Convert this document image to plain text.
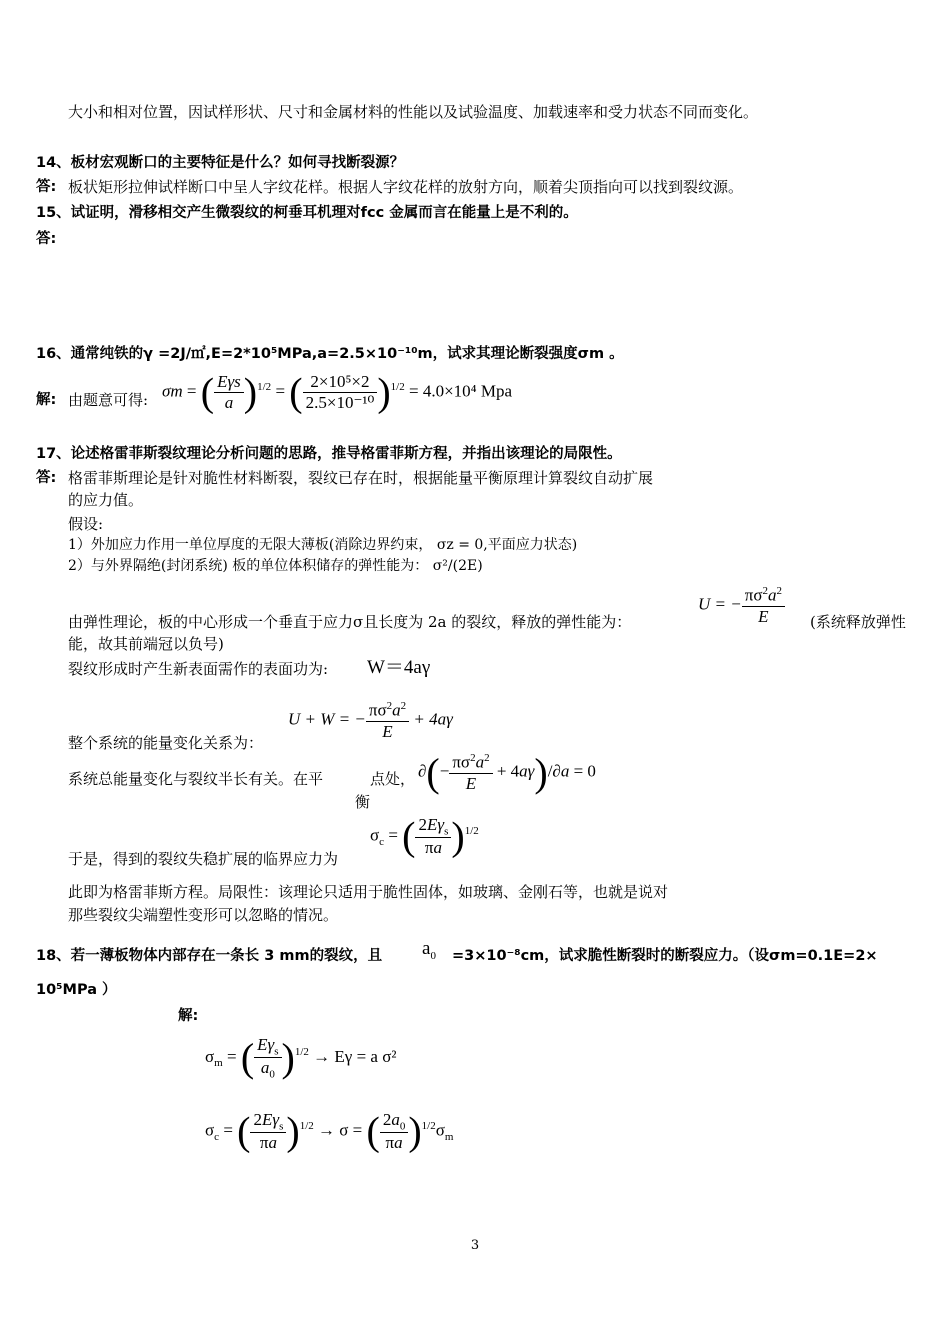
大小和相对位置，因试样形状、尺寸和金属材料的性能以及试验温度、加载速率和受力状态不同而变化。
14、板材宏观断口的主要特征是什么？如何寻找断裂源？
答: 板状矩形拉伸试样断口中呈人字纹花样。根据人字纹花样的放射方向，顺着尖顶指向可以找到裂纹源。
15、试证明，滑移相交产生微裂纹的柯垂耳机理对fcc 金属而言在能量上是不利的。
答:
16、通常纯铁的γ =2J/㎡,E=2*10⁵MPa,a=2.5×10⁻¹⁰m，试求其理论断裂强度σm 。
解: 由题意可得: σm = ( $\frac{\text{Eγs}}{a} )^{1/2}$ = ( $\frac{\text{2×10⁵×2}}{\text{2.5×10⁻¹⁰}} )^{1/2} = 4.0\times 10^4$ Mpa
17、论述格雷菲斯裂纹理论分析问题的思路，推导格雷菲斯方程，并指出该理论的局限性。
答: 格雷菲斯理论是针对脆性材料断裂，裂纹已存在时，根据能量平衡原理计算裂纹自动扩展
的应力值。
假设:
1）外加应力作用一单位厚度的无限大薄板(消除边界约束， σz = 0,平面应力状态)
2）与外界隔绝(封闭系统) 板的单位体积储存的弹性能为： σ²/(2E)
由弹性理论，板的中心形成一个垂直于应力σ且长度为 2a 的裂纹，释放的弹性能为：
U = − $\frac{\pi\sigma^2a^2}{E}$ (系统释放弹性
能，故其前端冠以负号)
裂纹形成时产生新表面需作的表面功为: W＝4aγ
U + W = − $\frac{\pi\sigma^2a^2}{E} + 4a\gamma$
整个系统的能量变化关系为：
系统总能量变化与裂纹半长有关。在平	点处，
衡
∂(− $\frac{\pi\sigma^2a^2}{E} + 4a\gamma)/\partial a = 0$
$\sigma_c$ = ( $\frac{2E\gamma_s}{\pi a} )^{1/2}$
于是，得到的裂纹失稳扩展的临界应力为
此即为格雷菲斯方程。局限性：该理论只适用于脆性固体，如玻璃、金刚石等，也就是说对
那些裂纹尖端塑性变形可以忽略的情况。
18、若一薄板物体内部存在一条长 3 mm的裂纹，且 $a_0 =3\times 10^{-8}cm$，试求脆性断裂时的断裂应力。（设σm=0.1E=2×
10⁵MPa ）
解:
$\sigma_m$ = ( $\frac{E\gamma_s}{a_0} )^{1/2} \to E\gamma = a$ σ²
$\sigma_c$ = ( $\frac{2E\gamma_s}{\pi a} )^{1/2} \to \sigma$ = ( $\frac{2a_0}{\pi a} )^{1/2}\sigma_m$
3
